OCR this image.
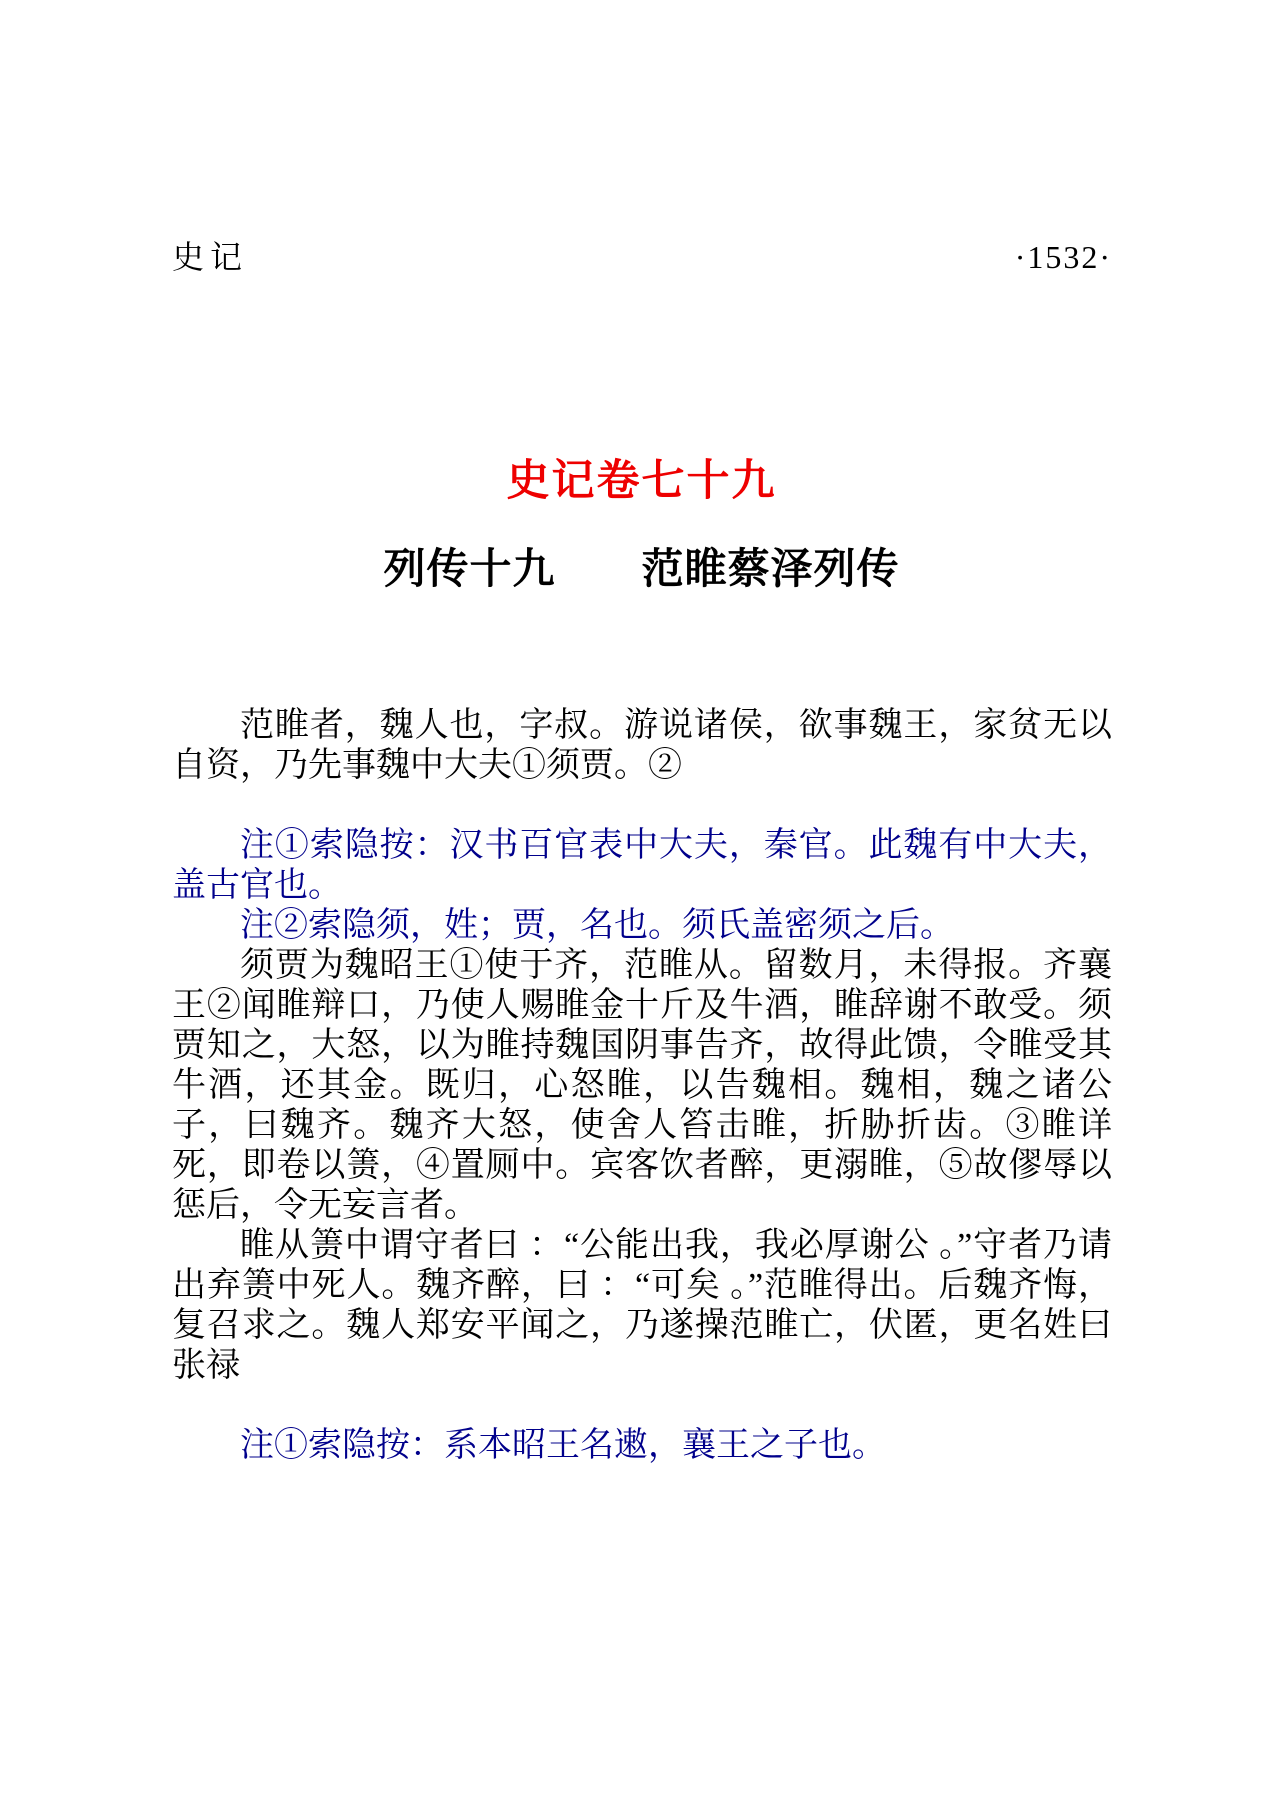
史记	·1532·
史记卷七十九
列传十九　　范睢蔡泽列传

范睢者，魏人也，字叔。游说诸侯，欲事魏王，家贫无以自资，乃先事魏中大夫①须贾。②

注①索隐按：汉书百官表中大夫，秦官。此魏有中大夫，盖古官也。

注②索隐须，姓；贾，名也。须氏盖密须之后。

须贾为魏昭王①使于齐，范睢从。留数月，未得报。齐襄王②闻睢辩口，乃使人赐睢金十斤及牛酒，睢辞谢不敢受。须贾知之，大怒，以为睢持魏国阴事告齐，故得此馈，令睢受其牛酒，还其金。既归，心怒睢，以告魏相。魏相，魏之诸公子，曰魏齐。魏齐大怒，使舍人笞击睢，折胁折齿。③睢详死，即卷以箦，④置厕中。宾客饮者醉，更溺睢，⑤故僇辱以惩后，令无妄言者。

睢从箦中谓守者曰 ：“公能出我，我必厚谢公 。”守者乃请出弃箦中死人。魏齐醉，曰 ：“可矣 。”范睢得出。后魏齐悔，复召求之。魏人郑安平闻之，乃遂操范睢亡，伏匿，更名姓曰张禄

注①索隐按：系本昭王名遫，襄王之子也。
